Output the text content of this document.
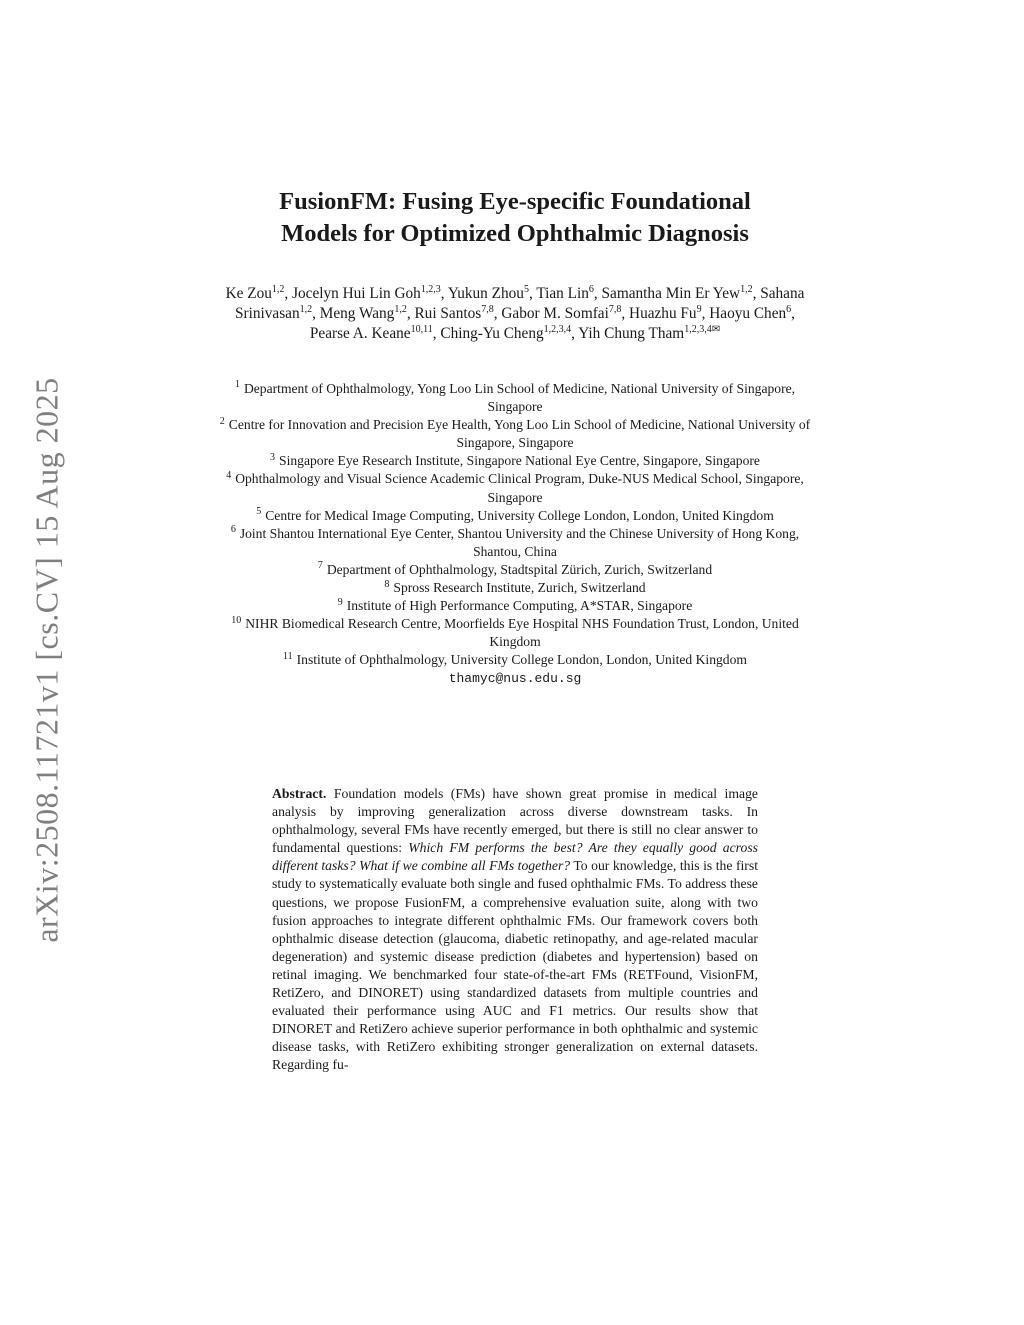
arXiv:2508.11721v1 [cs.CV] 15 Aug 2025
FusionFM: Fusing Eye-specific Foundational
Models for Optimized Ophthalmic Diagnosis
Ke Zou$^{1,2}$, Jocelyn Hui Lin Goh$^{1,2,3}$, Yukun Zhou$^5$, Tian Lin$^6$, Samantha Min Er Yew$^{1,2}$, Sahana Srinivasan$^{1,2}$, Meng Wang$^{1,2}$, Rui Santos$^{7,8}$, Gabor M. Somfai$^{7,8}$, Huazhu Fu$^9$, Haoyu Chen$^6$, Pearse A. Keane$^{10,11}$, Ching-Yu Cheng$^{1,2,3,4}$, Yih Chung Tham$^{1,2,3,4✉}$
$^1$ Department of Ophthalmology, Yong Loo Lin School of Medicine, National University of Singapore, Singapore
$^2$ Centre for Innovation and Precision Eye Health, Yong Loo Lin School of Medicine, National University of Singapore, Singapore
$^3$ Singapore Eye Research Institute, Singapore National Eye Centre, Singapore, Singapore
$^4$ Ophthalmology and Visual Science Academic Clinical Program, Duke-NUS Medical School, Singapore, Singapore
$^5$ Centre for Medical Image Computing, University College London, London, United Kingdom
$^6$ Joint Shantou International Eye Center, Shantou University and the Chinese University of Hong Kong, Shantou, China
$^7$ Department of Ophthalmology, Stadtspital Zürich, Zurich, Switzerland
$^8$ Spross Research Institute, Zurich, Switzerland
$^9$ Institute of High Performance Computing, A*STAR, Singapore
$^{10}$ NIHR Biomedical Research Centre, Moorfields Eye Hospital NHS Foundation Trust, London, United Kingdom
$^{11}$ Institute of Ophthalmology, University College London, London, United Kingdom
thamyc@nus.edu.sg

Abstract. Foundation models (FMs) have shown great promise in medical image analysis by improving generalization across diverse downstream tasks. In ophthalmology, several FMs have recently emerged, but there is still no clear answer to fundamental questions: Which FM performs the best? Are they equally good across different tasks? What if we combine all FMs together? To our knowledge, this is the first study to systematically evaluate both single and fused ophthalmic FMs. To address these questions, we propose FusionFM, a comprehensive evaluation suite, along with two fusion approaches to integrate different ophthalmic FMs. Our framework covers both ophthalmic disease detection (glaucoma, diabetic retinopathy, and age-related macular degeneration) and systemic disease prediction (diabetes and hypertension) based on retinal imaging. We benchmarked four state-of-the-art FMs (RETFound, VisionFM, RetiZero, and DINORET) using standardized datasets from multiple countries and evaluated their performance using AUC and F1 metrics. Our results show that DINORET and RetiZero achieve superior performance in both ophthalmic and systemic disease tasks, with RetiZero exhibiting stronger generalization on external datasets. Regarding fu-
